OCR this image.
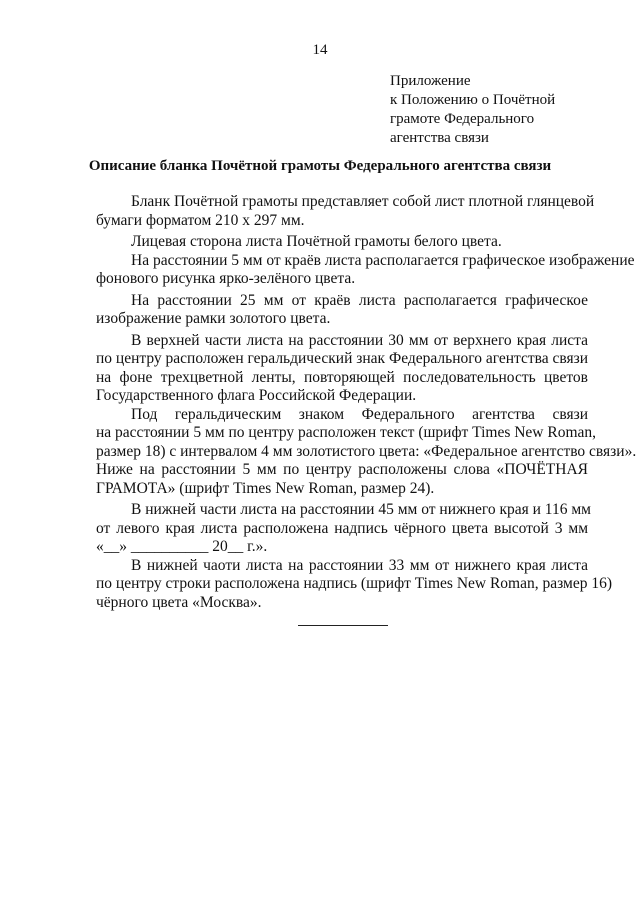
14
Приложение
к Положению о Почётной
грамоте Федерального
агентства связи
Описание бланка Почётной грамоты Федерального агентства связи

Бланк Почётной грамоты представляет собой лист плотной глянцевой
бумаги форматом 210 х 297 мм.

Лицевая сторона листа Почётной грамоты белого цвета.

На расстоянии 5 мм от краёв листа располагается графическое изображение
фонового рисунка ярко-зелёного цвета.

На расстоянии 25 мм от краёв листа располагается графическое
изображение рамки золотого цвета.

В верхней части листа на расстоянии 30 мм от верхнего края листа
по центру расположен геральдический знак Федерального агентства связи
на фоне трехцветной ленты, повторяющей последовательность цветов
Государственного флага Российской Федерации.

Под геральдическим знаком Федерального агентства связи
на расстоянии 5 мм по центру расположен текст (шрифт Times New Roman,
размер 18) с интервалом 4 мм золотистого цвета: «Федеральное агентство связи».
Ниже на расстоянии 5 мм по центру расположены слова «ПОЧЁТНАЯ
ГРАМОТА» (шрифт Times New Roman, размер 24).

В нижней части листа на расстоянии 45 мм от нижнего края и 116 мм
от левого края листа расположена надпись чёрного цвета высотой 3 мм
«__» __________ 20__ г.».

В нижней чаоти листа на расстоянии 33 мм от нижнего края листа
по центру строки расположена надпись (шрифт Times New Roman, размер 16)
чёрного цвета «Москва».
